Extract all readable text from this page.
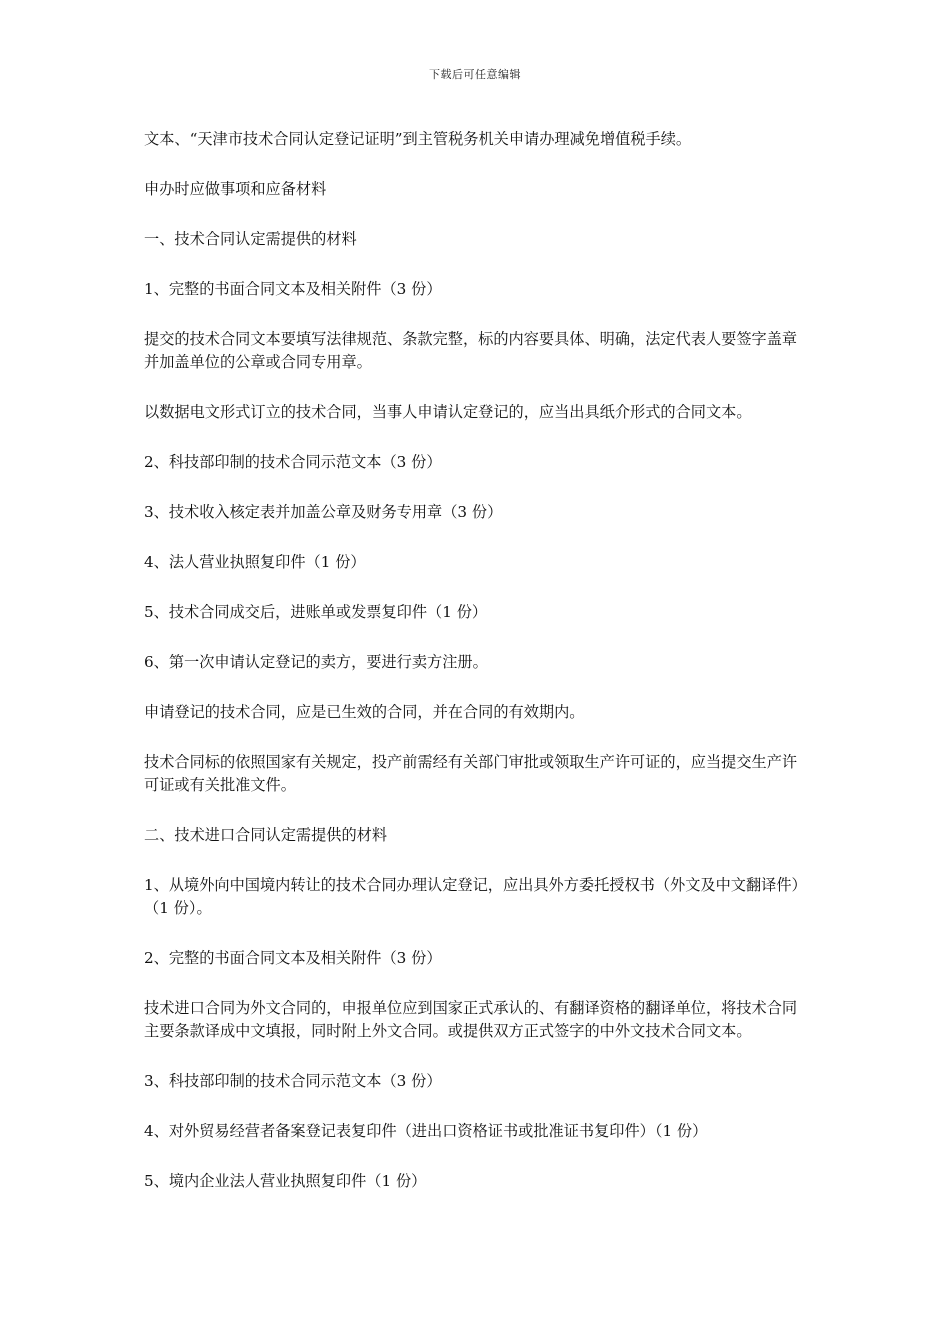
下载后可任意编辑

文本、“天津市技术合同认定登记证明”到主管税务机关申请办理减免增值税手续。

申办时应做事项和应备材料

一、技术合同认定需提供的材料

1、完整的书面合同文本及相关附件（3 份）

提交的技术合同文本要填写法律规范、条款完整，标的内容要具体、明确，法定代表人要签字盖章并加盖单位的公章或合同专用章。

以数据电文形式订立的技术合同，当事人申请认定登记的，应当出具纸介形式的合同文本。

2、科技部印制的技术合同示范文本（3 份）

3、技术收入核定表并加盖公章及财务专用章（3 份）

4、法人营业执照复印件（1 份）

5、技术合同成交后，进账单或发票复印件（1 份）

6、第一次申请认定登记的卖方，要进行卖方注册。

申请登记的技术合同，应是已生效的合同，并在合同的有效期内。

技术合同标的依照国家有关规定，投产前需经有关部门审批或领取生产许可证的，应当提交生产许可证或有关批准文件。

二、技术进口合同认定需提供的材料

1、从境外向中国境内转让的技术合同办理认定登记，应出具外方委托授权书（外文及中文翻译件）（1 份）。

2、完整的书面合同文本及相关附件（3 份）

技术进口合同为外文合同的，申报单位应到国家正式承认的、有翻译资格的翻译单位，将技术合同主要条款译成中文填报，同时附上外文合同。或提供双方正式签字的中外文技术合同文本。

3、科技部印制的技术合同示范文本（3 份）

4、对外贸易经营者备案登记表复印件（进出口资格证书或批准证书复印件）（1 份）

5、境内企业法人营业执照复印件（1 份）
